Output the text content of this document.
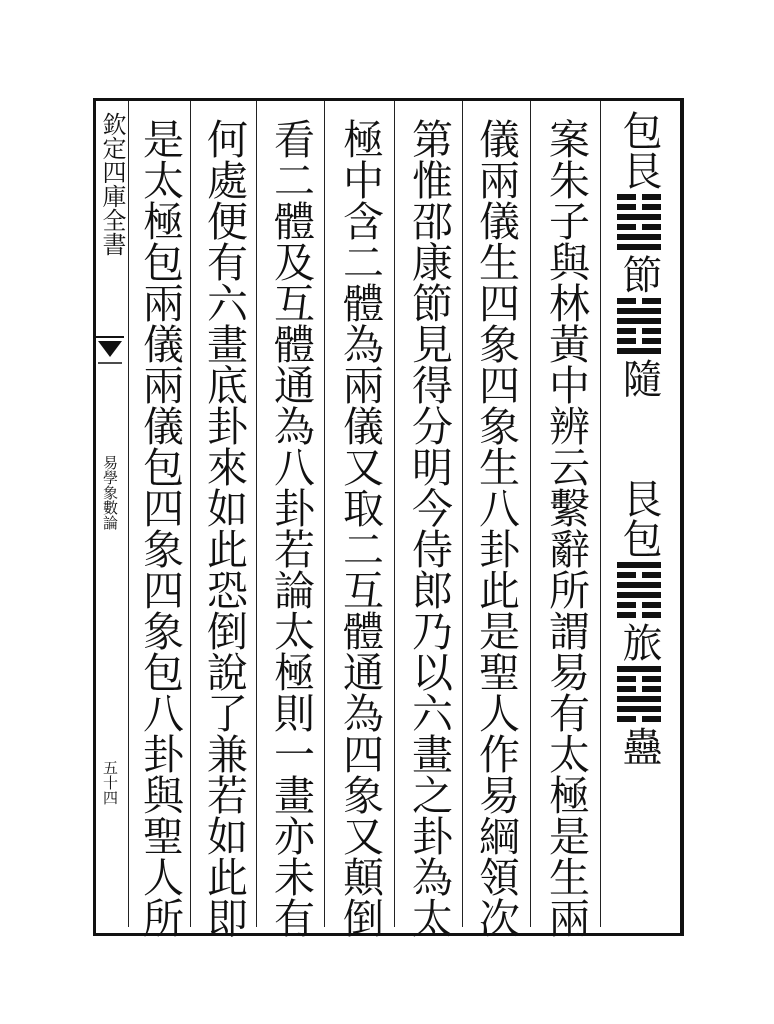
欽定四庫全書
易學象數論
五十四
包艮
節
隨
艮包
旅
蠱
案朱子與林黃中辨云繫辭所謂易有太極是生兩
儀兩儀生四象四象生八卦此是聖人作易綱領次
第惟邵康節見得分明今侍郎乃以六畫之卦為太
極中含二體為兩儀又取二互體通為四象又顛倒
看二體及互體通為八卦若論太極則一畫亦未有
何處便有六畫底卦來如此恐倒說了兼若如此即
是太極包兩儀兩儀包四象四象包八卦與聖人所
